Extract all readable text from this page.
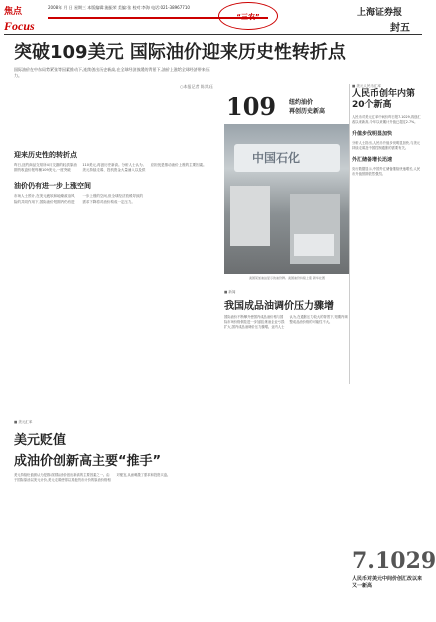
焦点
Focus
2008年 月 日 星期三 本版编辑:施振荣 美编:张 校对:李海 电话:021-38967710
“三农”	上海证券报
封五
突破109美元 国际油价迎来历史性转折点
国际油价在中东局势紧张等因素推动下,连续创出历史新高,在全球经济放缓的背景下,油价上涨给全球经济带来压力。
○本报记者 陈其珏
迎来历史性的转折点
昨日,纽约商品交易所4月交割的轻质原油期货收盘价报每桶109美元,一度突破110美元,再创历史新高。分析人士认为,美元持续走弱、投机资金大量涌入以及供应担忧是推动油价上涨的主要因素。
油价仍有进一步上涨空间
市场人士预计,在美元疲软和地缘政治风险的共同作用下,国际油价短期内仍有进一步上涨的空间,但全球经济放缓导致的需求下降将对油价构成一定压力。
109 纽约油价
再创历史新高
中国石化
美国某加油站显示的油价牌。美国油价持续上涨 新华社图
■ 美元人民币汇率
人民币创年内第20个新高
人民币对美元汇率中间价昨日报7.1029,再创汇改以来新高,今年以来累计升值已超过2.7%。
升值步伐明显加快
分析人士指出,人民币升值步伐明显加快,与美元持续走弱及中国控制通胀的需要有关。
外汇储备增长迅速
央行数据显示,中国外汇储备继续快速增长,人民币升值预期依然强烈。
■ 新闻
我国成品油调价压力骤增
国际油价不断攀升使国内成品油价格与国际市场价格倒挂进一步加剧,炼油企业亏损扩大,国内成品油调价压力骤增。业内人士认为,在通胀压力较大的背景下,短期内调整成品油价格的可能性不大。
■ 美元汇率
美元贬值
成油价创新高主要“推手”
美元持续贬值被认为是推动国际油价创出新高的主要因素之一。由于国际原油以美元计价,美元走弱使得以其他货币计价的原油价格相对便宜,从而刺激了需求和投资买盘。
7.1029
人民币对美元中间价创汇改以来又一新高
